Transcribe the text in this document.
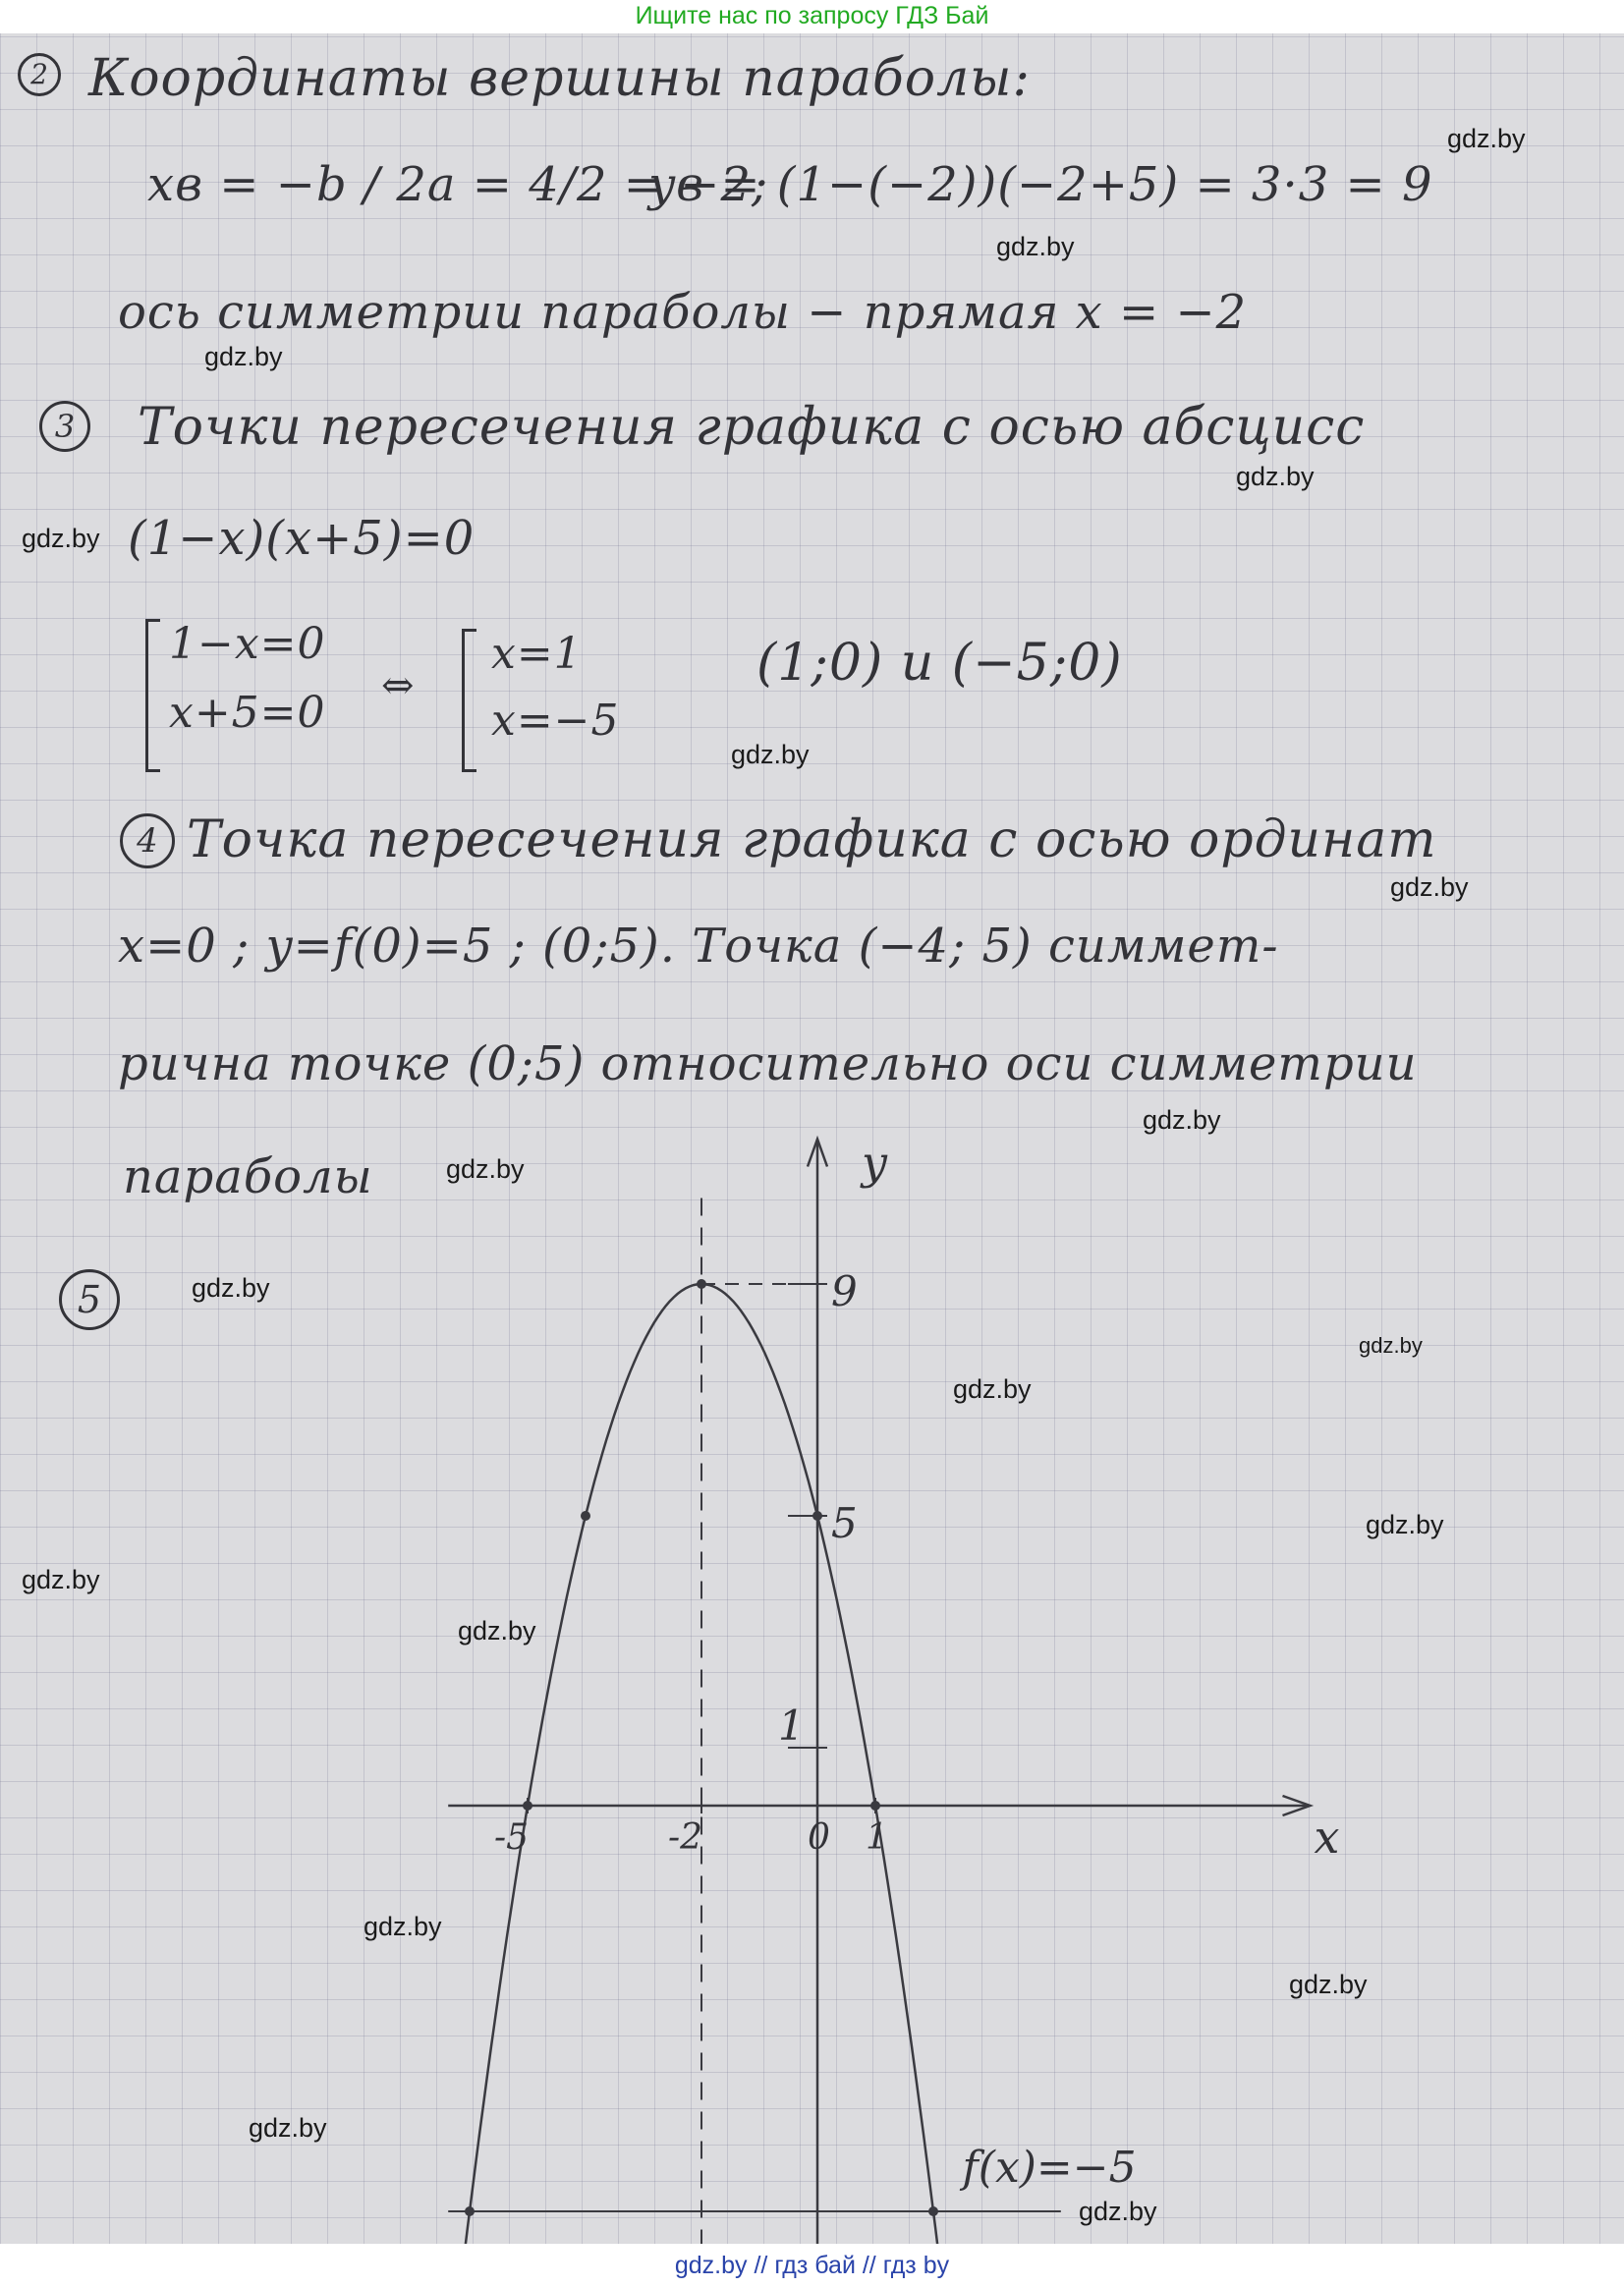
Ищите нас по запросу ГДЗ Бай
gdz.by
gdz.by
gdz.by
gdz.by
gdz.by
gdz.by
gdz.by
gdz.by
gdz.by
gdz.by
gdz.by
gdz.by
gdz.by
gdz.by
gdz.by
gdz.by
gdz.by
gdz.by
gdz.by
2 Координаты вершины параболы:
xв = −b / 2a = 4/2 = −2;
yв = (1−(−2))(−2+5) = 3·3 = 9
ось симметрии параболы − прямая x = −2
3	Точки пересечения графика с осью абсцисс
(1−x)(x+5)=0
1−x=0
x+5=0
⇔
x=1
x=−5
(1;0) и (−5;0)
4 Точка пересечения графика с осью ординат
x=0 ; y=f(0)=5 ; (0;5). Точка (−4; 5) симмет-
рична точке (0;5) относительно оси симметрии
параболы
5
x
y
f(x)=−5
-5	-2	0 1
9
5
1
gdz.by // гдз бай // гдз by
